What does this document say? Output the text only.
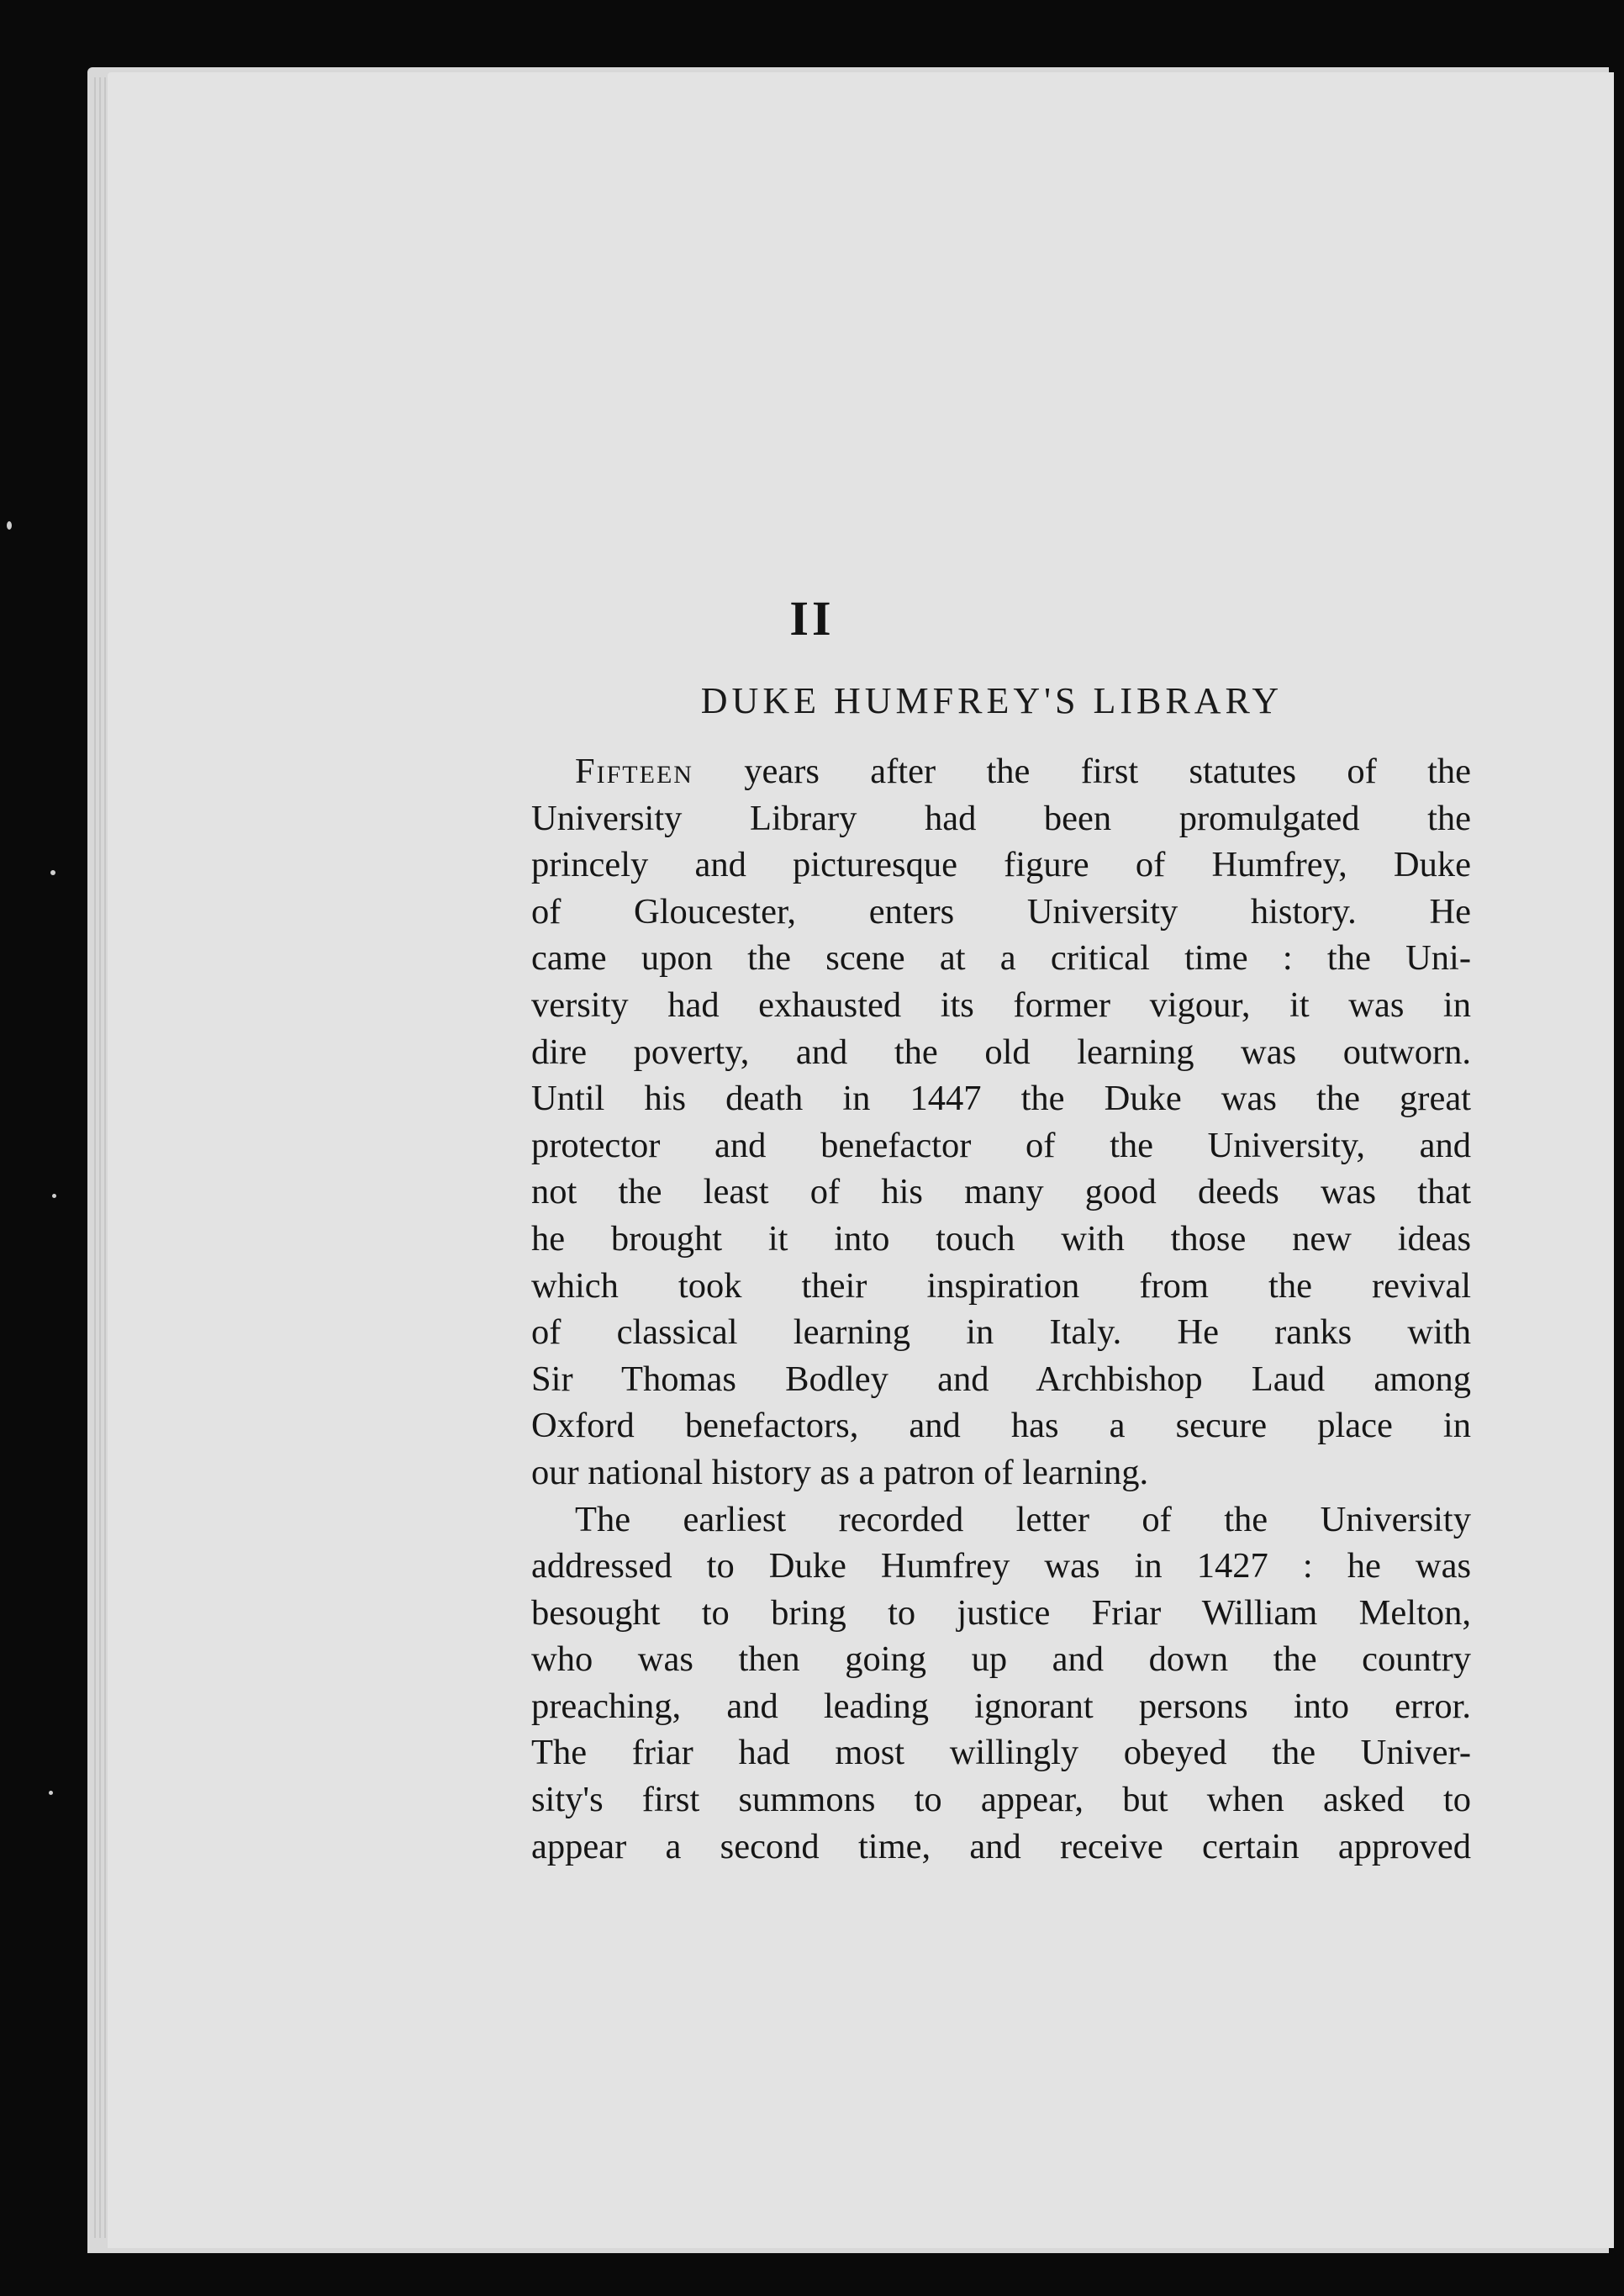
II
DUKE HUMFREY'S LIBRARY
Fifteen years after the first statutes of the
University Library had been promulgated the
princely and picturesque figure of Humfrey, Duke
of Gloucester, enters University history. He
came upon the scene at a critical time : the Uni-
versity had exhausted its former vigour, it was in
dire poverty, and the old learning was outworn.
Until his death in 1447 the Duke was the great
protector and benefactor of the University, and
not the least of his many good deeds was that
he brought it into touch with those new ideas
which took their inspiration from the revival
of classical learning in Italy. He ranks with
Sir Thomas Bodley and Archbishop Laud among
Oxford benefactors, and has a secure place in
our national history as a patron of learning.
The earliest recorded letter of the University
addressed to Duke Humfrey was in 1427 : he was
besought to bring to justice Friar William Melton,
who was then going up and down the country
preaching, and leading ignorant persons into error.
The friar had most willingly obeyed the Univer-
sity's first summons to appear, but when asked to
appear a second time, and receive certain approved
